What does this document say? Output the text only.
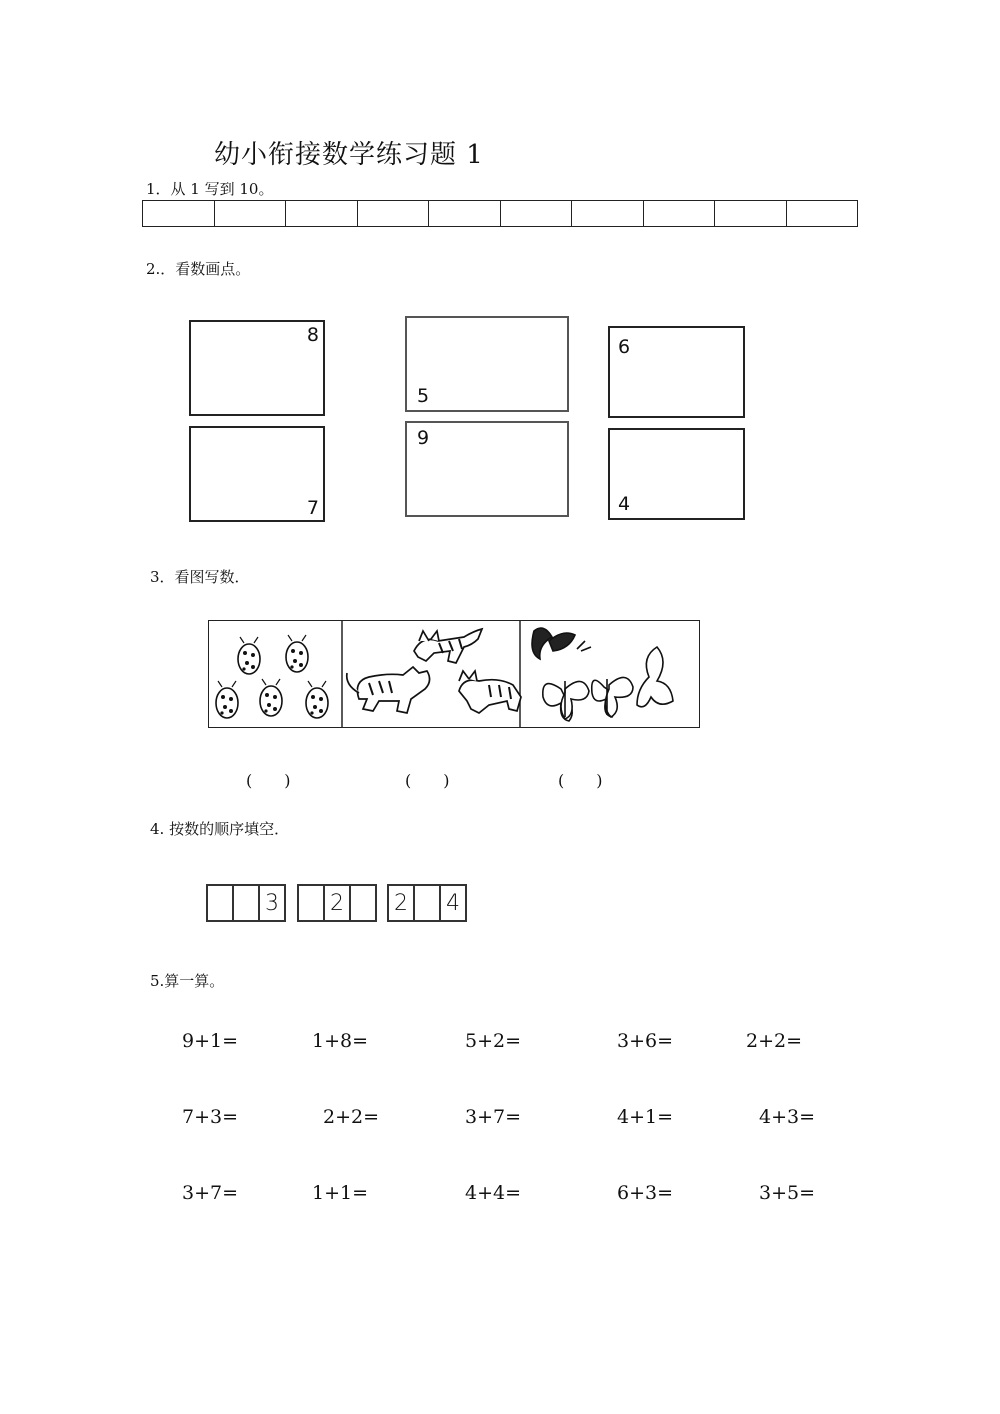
幼小衔接数学练习题 1
1．从 1 写到 10。
2.．看数画点。
8
5
6
7
9
4
3．看图写数．
(　　)	(　　)	(　　)
4. 按数的顺序填空．
3 2	2	4
5.算一算。
9+1=	1+8=	5+2=	3+6=	2+2=
7+3=	2+2=	3+7=	4+1=	4+3=
3+7=	1+1=	4+4=	6+3=	3+5=
